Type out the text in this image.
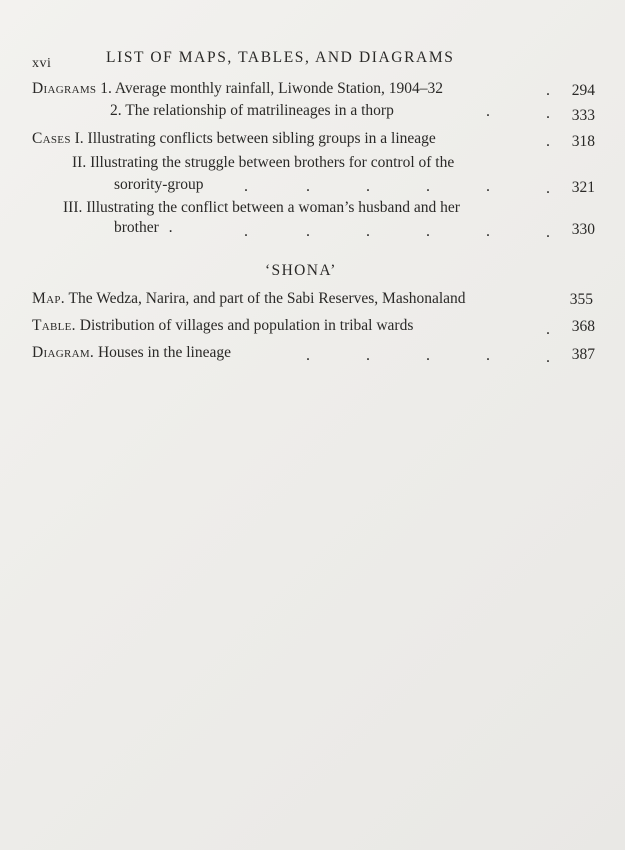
xvi	LIST OF MAPS, TABLES, AND DIAGRAMS
Diagrams 1. Average monthly rainfall, Liwonde Station, 1904–32	.	294
2. The relationship of matrilineages in a thorp	.	.	333
Cases I. Illustrating conflicts between sibling groups in a lineage	.	318
II. Illustrating the struggle between brothers for control of the
sorority-group	.	.	.	.	.	.	321
III. Illustrating the conflict between a woman’s husband and her
brother .	.	.	.	.	.	.	330
‘SHONA’
Map. The Wedza, Narira, and part of the Sabi Reserves, Mashonaland	355
Table. Distribution of villages and population in tribal wards	.	368
Diagram. Houses in the lineage	.	.	.	.	.	387
